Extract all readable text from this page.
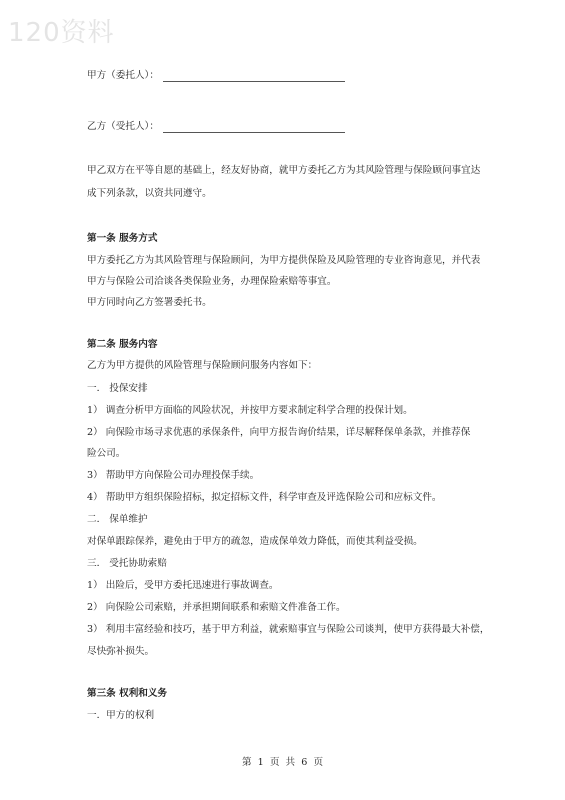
120资料
甲方（委托人）：
乙方（受托人）：
甲乙双方在平等自愿的基础上，经友好协商，就甲方委托乙方为其风险管理与保险顾问事宜达
成下列条款，以资共同遵守。
第一条 服务方式
甲方委托乙方为其风险管理与保险顾问，为甲方提供保险及风险管理的专业咨询意见，并代表
甲方与保险公司洽谈各类保险业务，办理保险索赔等事宜。
甲方同时向乙方签署委托书。
第二条 服务内容
乙方为甲方提供的风险管理与保险顾问服务内容如下：
一． 投保安排
1） 调查分析甲方面临的风险状况，并按甲方要求制定科学合理的投保计划。
2） 向保险市场寻求优惠的承保条件，向甲方报告询价结果，详尽解释保单条款，并推荐保
险公司。
3） 帮助甲方向保险公司办理投保手续。
4） 帮助甲方组织保险招标，拟定招标文件，科学审查及评选保险公司和应标文件。
二． 保单维护
对保单跟踪保养，避免由于甲方的疏忽，造成保单效力降低，而使其利益受损。
三． 受托协助索赔
1） 出险后，受甲方委托迅速进行事故调查。
2） 向保险公司索赔，并承担期间联系和索赔文件准备工作。
3） 利用丰富经验和技巧，基于甲方利益，就索赔事宜与保险公司谈判，使甲方获得最大补偿，
尽快弥补损失。
第三条 权利和义务
一．甲方的权利
第  1  页  共  6  页
